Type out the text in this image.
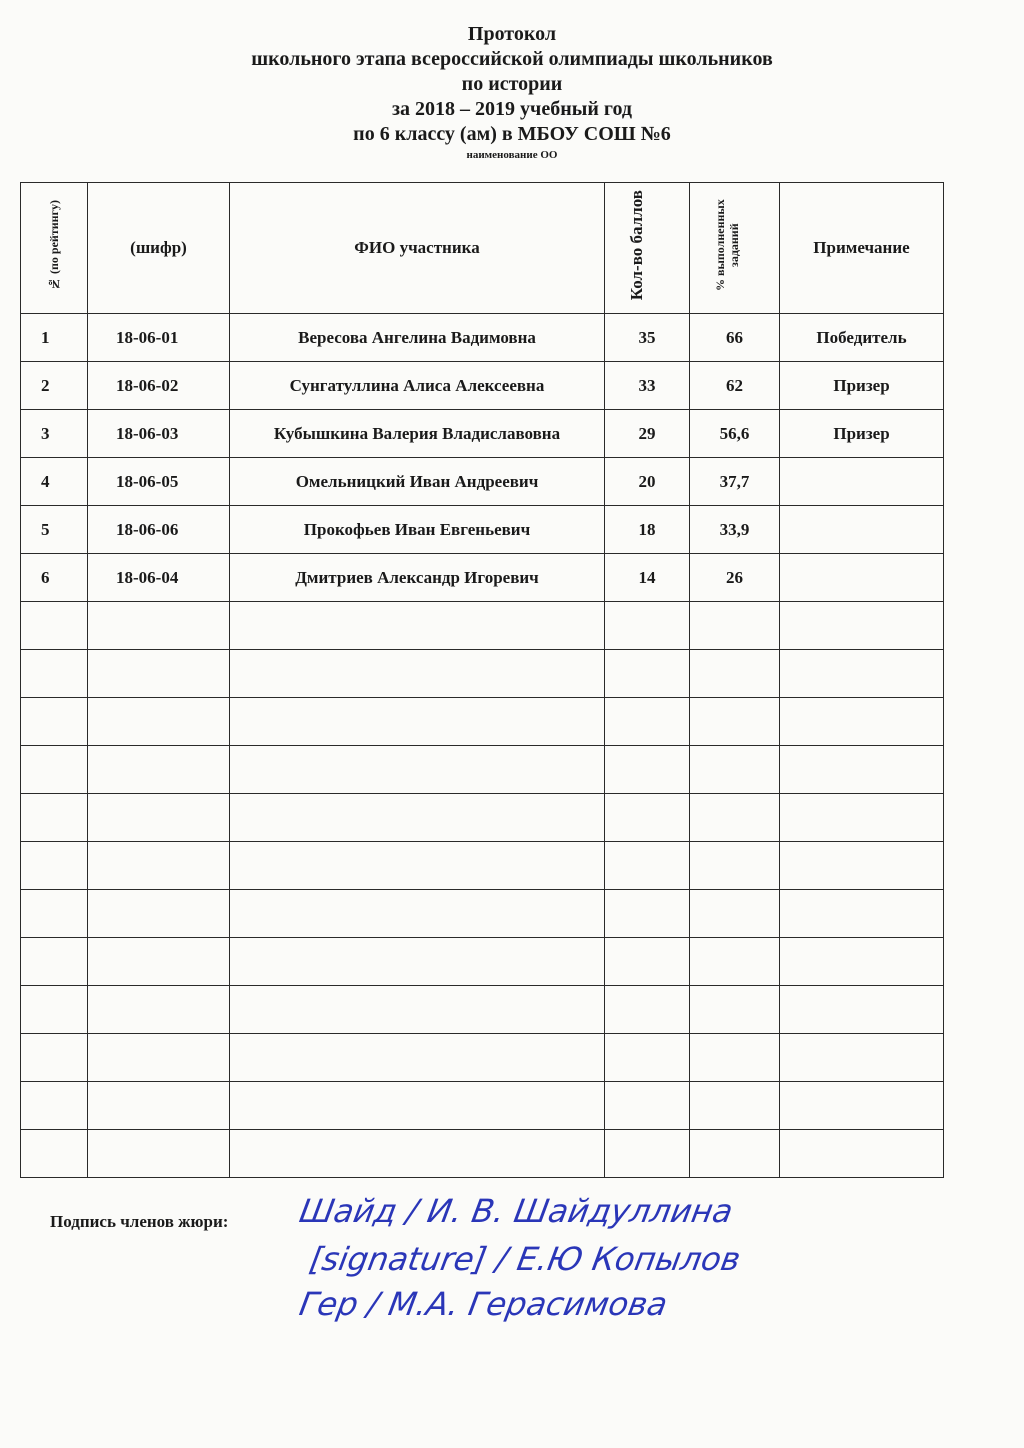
Протокол
школьного этапа всероссийской олимпиады школьников
по истории
за 2018 – 2019 учебный год
по 6 классу (ам) в МБОУ СОШ №6
наименование ОО
№ (по рейтингу)	(шифр)	ФИО участника	Кол-во баллов	% выполненных заданий	Примечание
1	18-06-01	Вересова Ангелина Вадимовна	35	66	Победитель
2	18-06-02	Сунгатуллина Алиса Алексеевна	33	62	Призер
3	18-06-03	Кубышкина Валерия Владиславовна	29	56,6	Призер
4	18-06-05	Омельницкий Иван Андреевич	20	37,7	
5	18-06-06	Прокофьев Иван Евгеньевич	18	33,9	
6	18-06-04	Дмитриев Александр Игоревич	14	26	

Подпись членов жюри: Шайд / И. В. Шайдуллина
[signature] / Е.Ю Копылов
Гер / М.А. Герасимова
